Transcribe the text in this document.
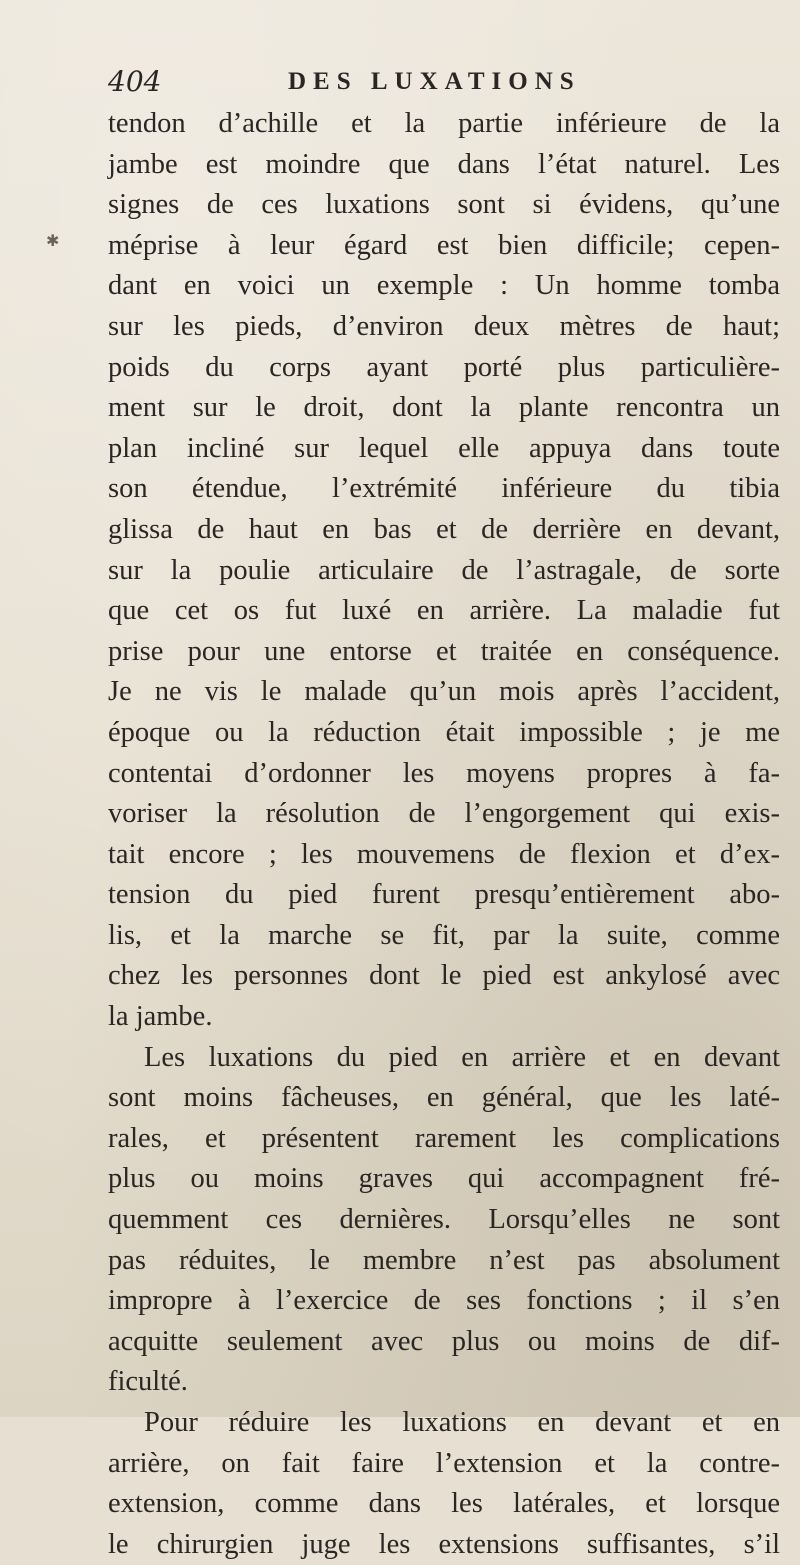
✱
404	DES LUXATIONS
tendon d’achille et la partie inférieure de la
jambe est moindre que dans l’état naturel. Les
signes de ces luxations sont si évidens, qu’une
méprise à leur égard est bien difficile; cepen-
dant en voici un exemple : Un homme tomba
sur les pieds, d’environ deux mètres de haut;
poids du corps ayant porté plus particulière-
ment sur le droit, dont la plante rencontra un
plan incliné sur lequel elle appuya dans toute
son étendue, l’extrémité inférieure du tibia
glissa de haut en bas et de derrière en devant,
sur la poulie articulaire de l’astragale, de sorte
que cet os fut luxé en arrière. La maladie fut
prise pour une entorse et traitée en conséquence.
Je ne vis le malade qu’un mois après l’accident,
époque ou la réduction était impossible ; je me
contentai d’ordonner les moyens propres à fa-
voriser la résolution de l’engorgement qui exis-
tait encore ; les mouvemens de flexion et d’ex-
tension du pied furent presqu’entièrement abo-
lis, et la marche se fit, par la suite, comme
chez les personnes dont le pied est ankylosé avec
la jambe.
Les luxations du pied en arrière et en devant
sont moins fâcheuses, en général, que les laté-
rales, et présentent rarement les complications
plus ou moins graves qui accompagnent fré-
quemment ces dernières. Lorsqu’elles ne sont
pas réduites, le membre n’est pas absolument
impropre à l’exercice de ses fonctions ; il s’en
acquitte seulement avec plus ou moins de dif-
ficulté.
Pour réduire les luxations en devant et en
arrière, on fait faire l’extension et la contre-
extension, comme dans les latérales, et lorsque
le chirurgien juge les extensions suffisantes, s’il
